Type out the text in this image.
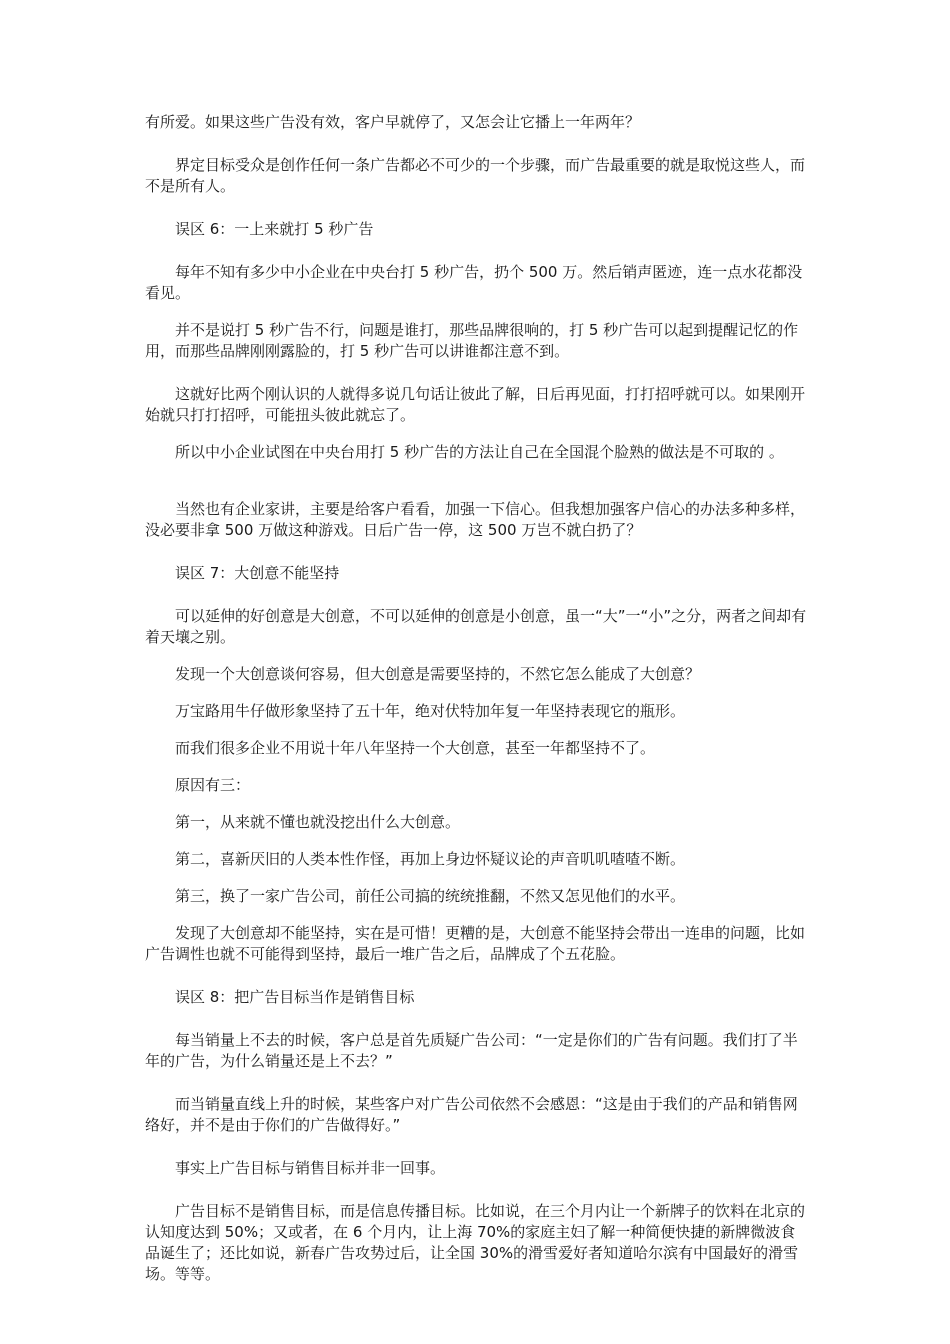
有所爱。如果这些广告没有效，客户早就停了，又怎会让它播上一年两年？

界定目标受众是创作任何一条广告都必不可少的一个步骤，而广告最重要的就是取悦这些人，而不是所有人。

误区 6：一上来就打 5 秒广告

每年不知有多少中小企业在中央台打 5 秒广告，扔个 500 万。然后销声匿迹，连一点水花都没看见。

并不是说打 5 秒广告不行，问题是谁打，那些品牌很响的，打 5 秒广告可以起到提醒记忆的作用，而那些品牌刚刚露脸的，打 5 秒广告可以讲谁都注意不到。

这就好比两个刚认识的人就得多说几句话让彼此了解，日后再见面，打打招呼就可以。如果刚开始就只打打招呼，可能扭头彼此就忘了。

所以中小企业试图在中央台用打 5 秒广告的方法让自己在全国混个脸熟的做法是不可取的 。

当然也有企业家讲，主要是给客户看看，加强一下信心。但我想加强客户信心的办法多种多样，没必要非拿 500 万做这种游戏。日后广告一停，这 500 万岂不就白扔了？

误区 7：大创意不能坚持

可以延伸的好创意是大创意，不可以延伸的创意是小创意，虽一“大”一“小”之分，两者之间却有着天壤之别。

发现一个大创意谈何容易，但大创意是需要坚持的，不然它怎么能成了大创意？

万宝路用牛仔做形象坚持了五十年，绝对伏特加年复一年坚持表现它的瓶形。

而我们很多企业不用说十年八年坚持一个大创意，甚至一年都坚持不了。

原因有三：

第一，从来就不懂也就没挖出什么大创意。

第二，喜新厌旧的人类本性作怪，再加上身边怀疑议论的声音叽叽喳喳不断。

第三，换了一家广告公司，前任公司搞的统统推翻，不然又怎见他们的水平。

发现了大创意却不能坚持，实在是可惜！更糟的是，大创意不能坚持会带出一连串的问题，比如广告调性也就不可能得到坚持，最后一堆广告之后，品牌成了个五花脸。

误区 8：把广告目标当作是销售目标

每当销量上不去的时候，客户总是首先质疑广告公司：“一定是你们的广告有问题。我们打了半年的广告，为什么销量还是上不去？”

而当销量直线上升的时候，某些客户对广告公司依然不会感恩：“这是由于我们的产品和销售网络好，并不是由于你们的广告做得好。”

事实上广告目标与销售目标并非一回事。

广告目标不是销售目标，而是信息传播目标。比如说，在三个月内让一个新牌子的饮料在北京的认知度达到 50%；又或者，在 6 个月内，让上海 70%的家庭主妇了解一种简便快捷的新牌微波食品诞生了；还比如说，新春广告攻势过后，让全国 30%的滑雪爱好者知道哈尔滨有中国最好的滑雪场。等等。
